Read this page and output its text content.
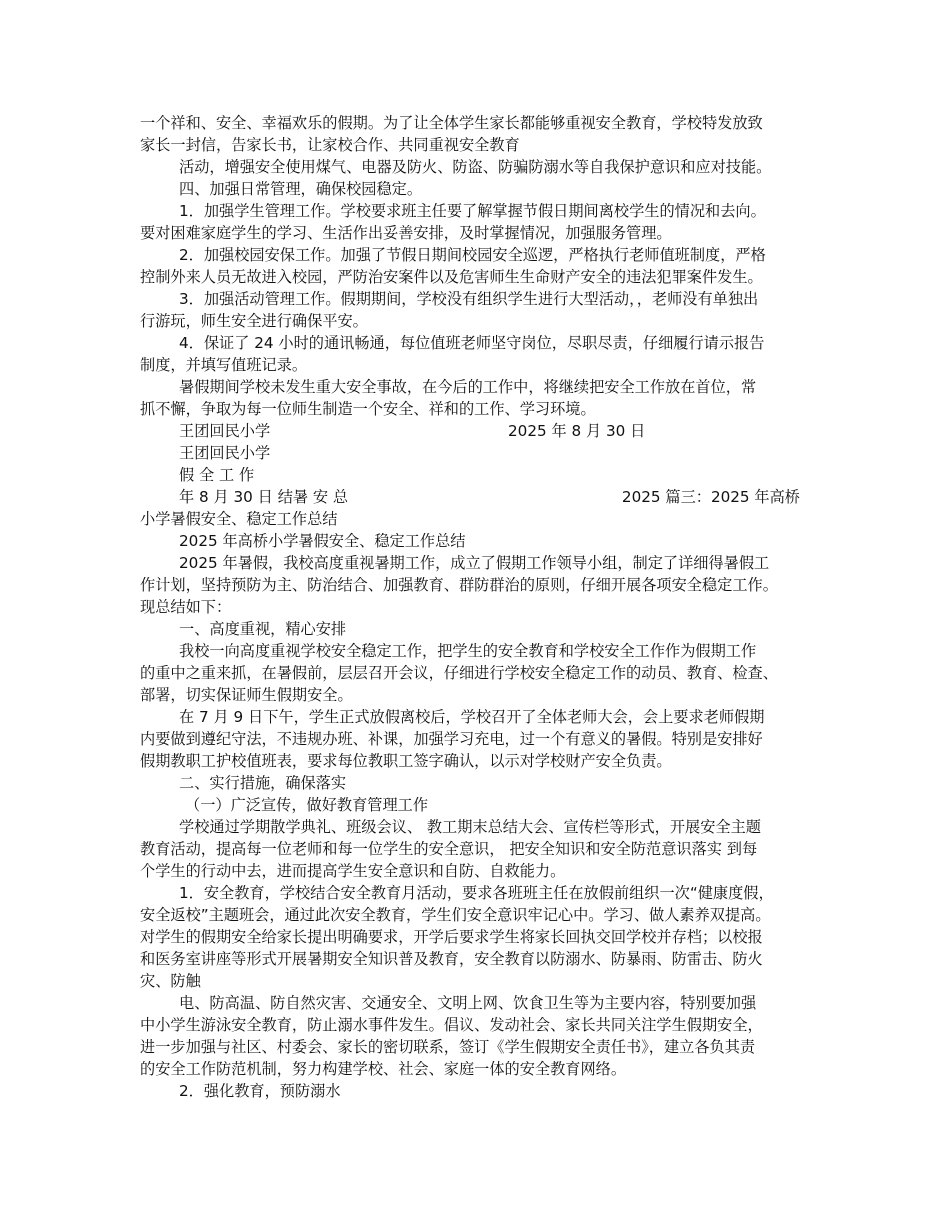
一个祥和、安全、幸福欢乐的假期。为了让全体学生家长都能够重视安全教育，学校特发放致
家长一封信，告家长书，让家校合作、共同重视安全教育
活动，增强安全使用煤气、电器及防火、防盗、防骗防溺水等自我保护意识和应对技能。
四、加强日常管理，确保校园稳定。
1．加强学生管理工作。学校要求班主任要了解掌握节假日期间离校学生的情况和去向。
要对困难家庭学生的学习、生活作出妥善安排，及时掌握情况，加强服务管理。
2．加强校园安保工作。加强了节假日期间校园安全巡逻，严格执行老师值班制度，严格
控制外来人员无故进入校园，严防治安案件以及危害师生生命财产安全的违法犯罪案件发生。
3．加强活动管理工作。假期期间，学校没有组织学生进行大型活动，，老师没有单独出
行游玩，师生安全进行确保平安。
4．保证了 24 小时的通讯畅通，每位值班老师坚守岗位，尽职尽责，仔细履行请示报告
制度，并填写值班记录。
暑假期间学校未发生重大安全事故，在今后的工作中，将继续把安全工作放在首位，常
抓不懈，争取为每一位师生制造一个安全、祥和的工作、学习环境。
王团回民小学	2025 年 8 月 30 日
王团回民小学
假 全 工 作
年 8 月 30 日 结暑 安 总	2025 篇三：2025 年高桥
小学暑假安全、稳定工作总结
2025 年高桥小学暑假安全、稳定工作总结
2025 年暑假，我校高度重视暑期工作，成立了假期工作领导小组，制定了详细得暑假工
作计划，坚持预防为主、防治结合、加强教育、群防群治的原则，仔细开展各项安全稳定工作。
现总结如下：
一、高度重视，精心安排
我校一向高度重视学校安全稳定工作，把学生的安全教育和学校安全工作作为假期工作
的重中之重来抓，在暑假前，层层召开会议，仔细进行学校安全稳定工作的动员、教育、检查、
部署，切实保证师生假期安全。
在 7 月 9 日下午，学生正式放假离校后，学校召开了全体老师大会，会上要求老师假期
内要做到遵纪守法，不违规办班、补课，加强学习充电，过一个有意义的暑假。特别是安排好
假期教职工护校值班表，要求每位教职工签字确认，以示对学校财产安全负责。
二、实行措施，确保落实
（一）广泛宣传，做好教育管理工作
学校通过学期散学典礼、班级会议、 教工期末总结大会、宣传栏等形式，开展安全主题
教育活动，提高每一位老师和每一位学生的安全意识， 把安全知识和安全防范意识落实 到每
个学生的行动中去，进而提高学生安全意识和自防、自救能力。
1．安全教育，学校结合安全教育月活动，要求各班班主任在放假前组织一次“健康度假，
安全返校”主题班会，通过此次安全教育，学生们安全意识牢记心中。学习、做人素养双提高。
对学生的假期安全给家长提出明确要求，开学后要求学生将家长回执交回学校并存档；以校报
和医务室讲座等形式开展暑期安全知识普及教育，安全教育以防溺水、防暴雨、防雷击、防火
灾、防触
电、防高温、防自然灾害、交通安全、文明上网、饮食卫生等为主要内容，特别要加强
中小学生游泳安全教育，防止溺水事件发生。倡议、发动社会、家长共同关注学生假期安全，
进一步加强与社区、村委会、家长的密切联系，签订《学生假期安全责任书》，建立各负其责
的安全工作防范机制，努力构建学校、社会、家庭一体的安全教育网络。
2．强化教育，预防溺水
